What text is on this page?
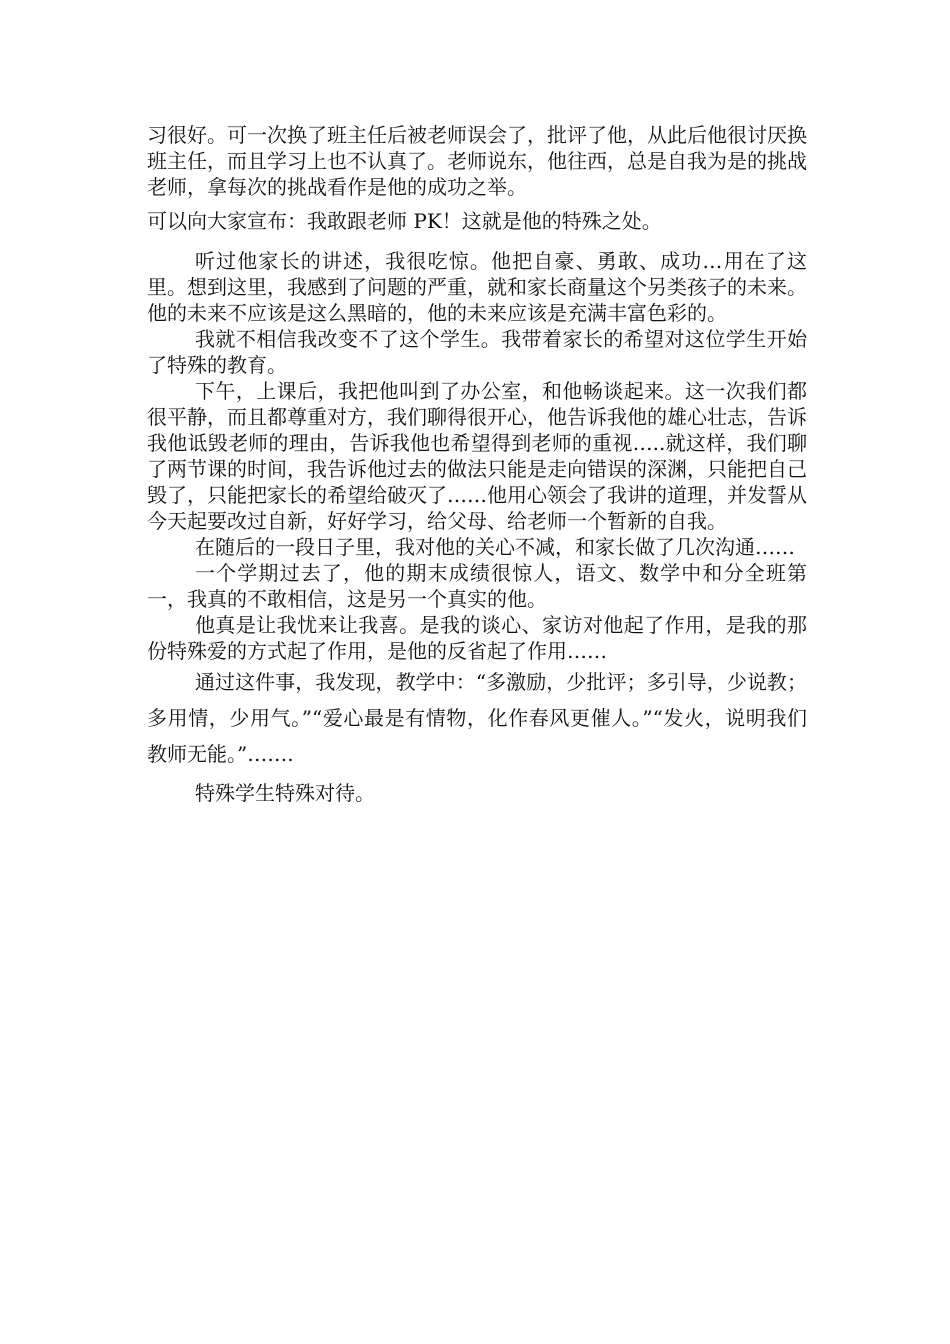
习很好。可一次换了班主任后被老师误会了，批评了他，从此后他很讨厌换班主任，而且学习上也不认真了。老师说东，他往西，总是自我为是的挑战老师，拿每次的挑战看作是他的成功之举。

可以向大家宣布：我敢跟老师 PK！这就是他的特殊之处。

听过他家长的讲述，我很吃惊。他把自豪、勇敢、成功…用在了这里。想到这里，我感到了问题的严重，就和家长商量这个另类孩子的未来。他的未来不应该是这么黑暗的，他的未来应该是充满丰富色彩的。

我就不相信我改变不了这个学生。我带着家长的希望对这位学生开始了特殊的教育。

下午，上课后，我把他叫到了办公室，和他畅谈起来。这一次我们都很平静，而且都尊重对方，我们聊得很开心，他告诉我他的雄心壮志，告诉我他诋毁老师的理由，告诉我他也希望得到老师的重视…..就这样，我们聊了两节课的时间，我告诉他过去的做法只能是走向错误的深渊，只能把自己毁了，只能把家长的希望给破灭了……他用心领会了我讲的道理，并发誓从今天起要改过自新，好好学习，给父母、给老师一个暂新的自我。

在随后的一段日子里，我对他的关心不减，和家长做了几次沟通……

一个学期过去了，他的期末成绩很惊人，语文、数学中和分全班第一，我真的不敢相信，这是另一个真实的他。

他真是让我忧来让我喜。是我的谈心、家访对他起了作用，是我的那份特殊爱的方式起了作用，是他的反省起了作用……

通过这件事，我发现，教学中：“多激励，少批评；多引导，少说教；多用情，少用气。”“爱心最是有情物，化作春风更催人。”“发火，说明我们教师无能。”…….

特殊学生特殊对待。
